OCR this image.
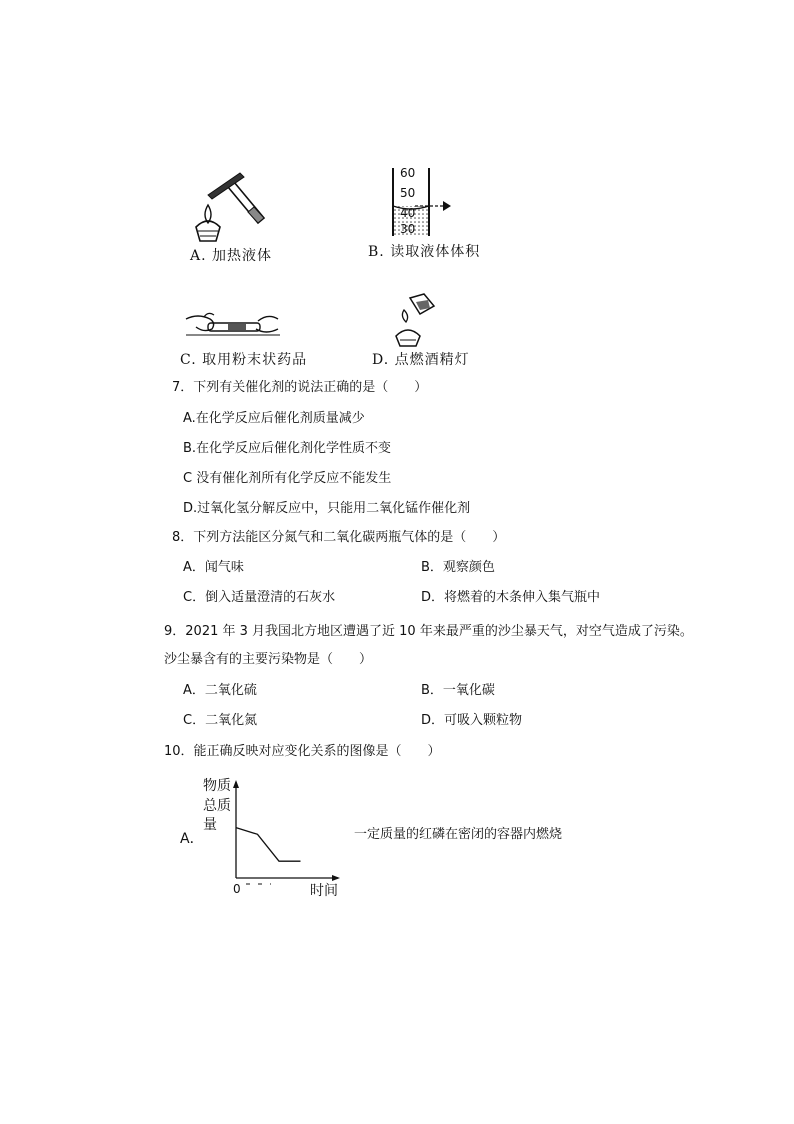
A. 加热液体
60
50
40
30
B. 读取液体体积
C. 取用粉末状药品	D. 点燃酒精灯
7．下列有关催化剂的说法正确的是（　　）
A.在化学反应后催化剂质量减少
B.在化学反应后催化剂化学性质不变
C 没有催化剂所有化学反应不能发生
D.过氧化氢分解反应中，只能用二氧化锰作催化剂
8．下列方法能区分氮气和二氧化碳两瓶气体的是（　　）
A．闻气味	B．观察颜色
C．倒入适量澄清的石灰水	D．将燃着的木条伸入集气瓶中
9．2021 年 3 月我国北方地区遭遇了近 10 年来最严重的沙尘暴天气，对空气造成了污染。
沙尘暴含有的主要污染物是（　　）
A．二氧化硫	B．一氧化碳
C．二氧化氮	D．可吸入颗粒物
10．能正确反映对应变化关系的图像是（　　）
物质
总质
量
A．
0	时间
一定质量的红磷在密闭的容器内燃烧
